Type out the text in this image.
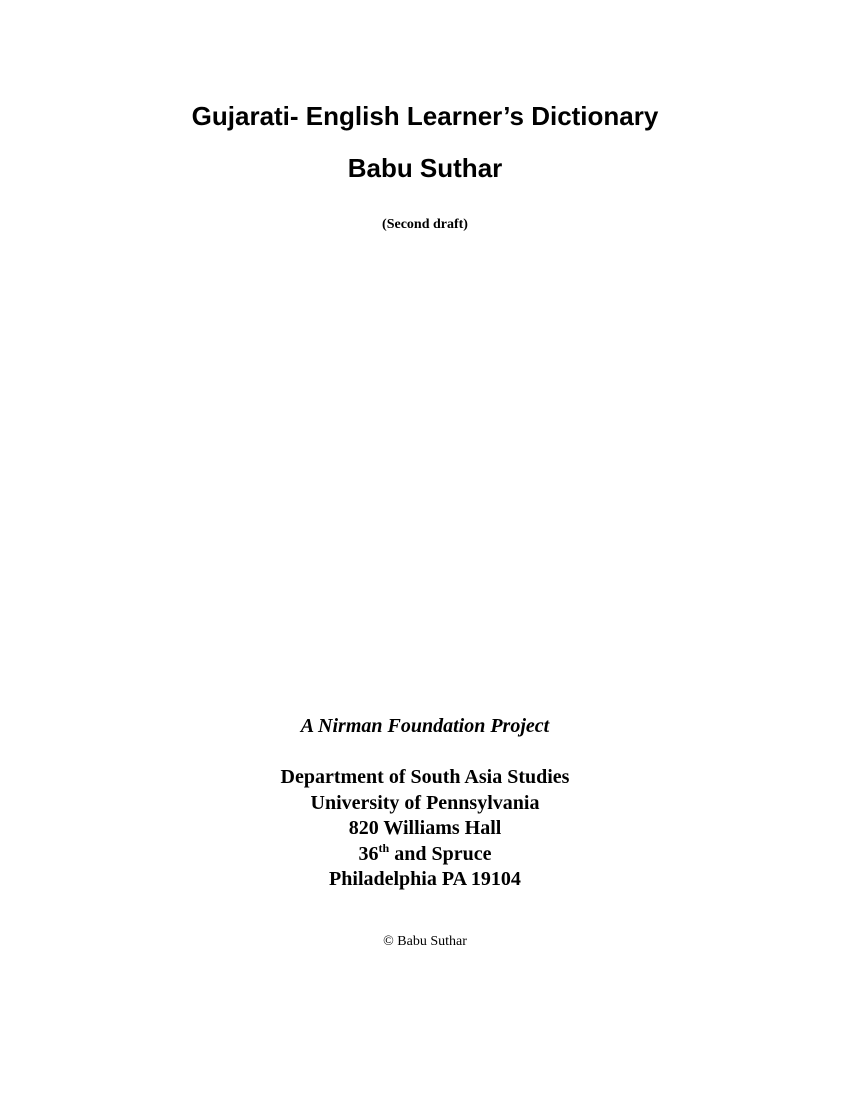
Gujarati- English Learner’s Dictionary
Babu Suthar

(Second draft)

A Nirman Foundation Project

Department of South Asia Studies
University of Pennsylvania
820 Williams Hall
36th and Spruce
Philadelphia PA 19104

© Babu Suthar
